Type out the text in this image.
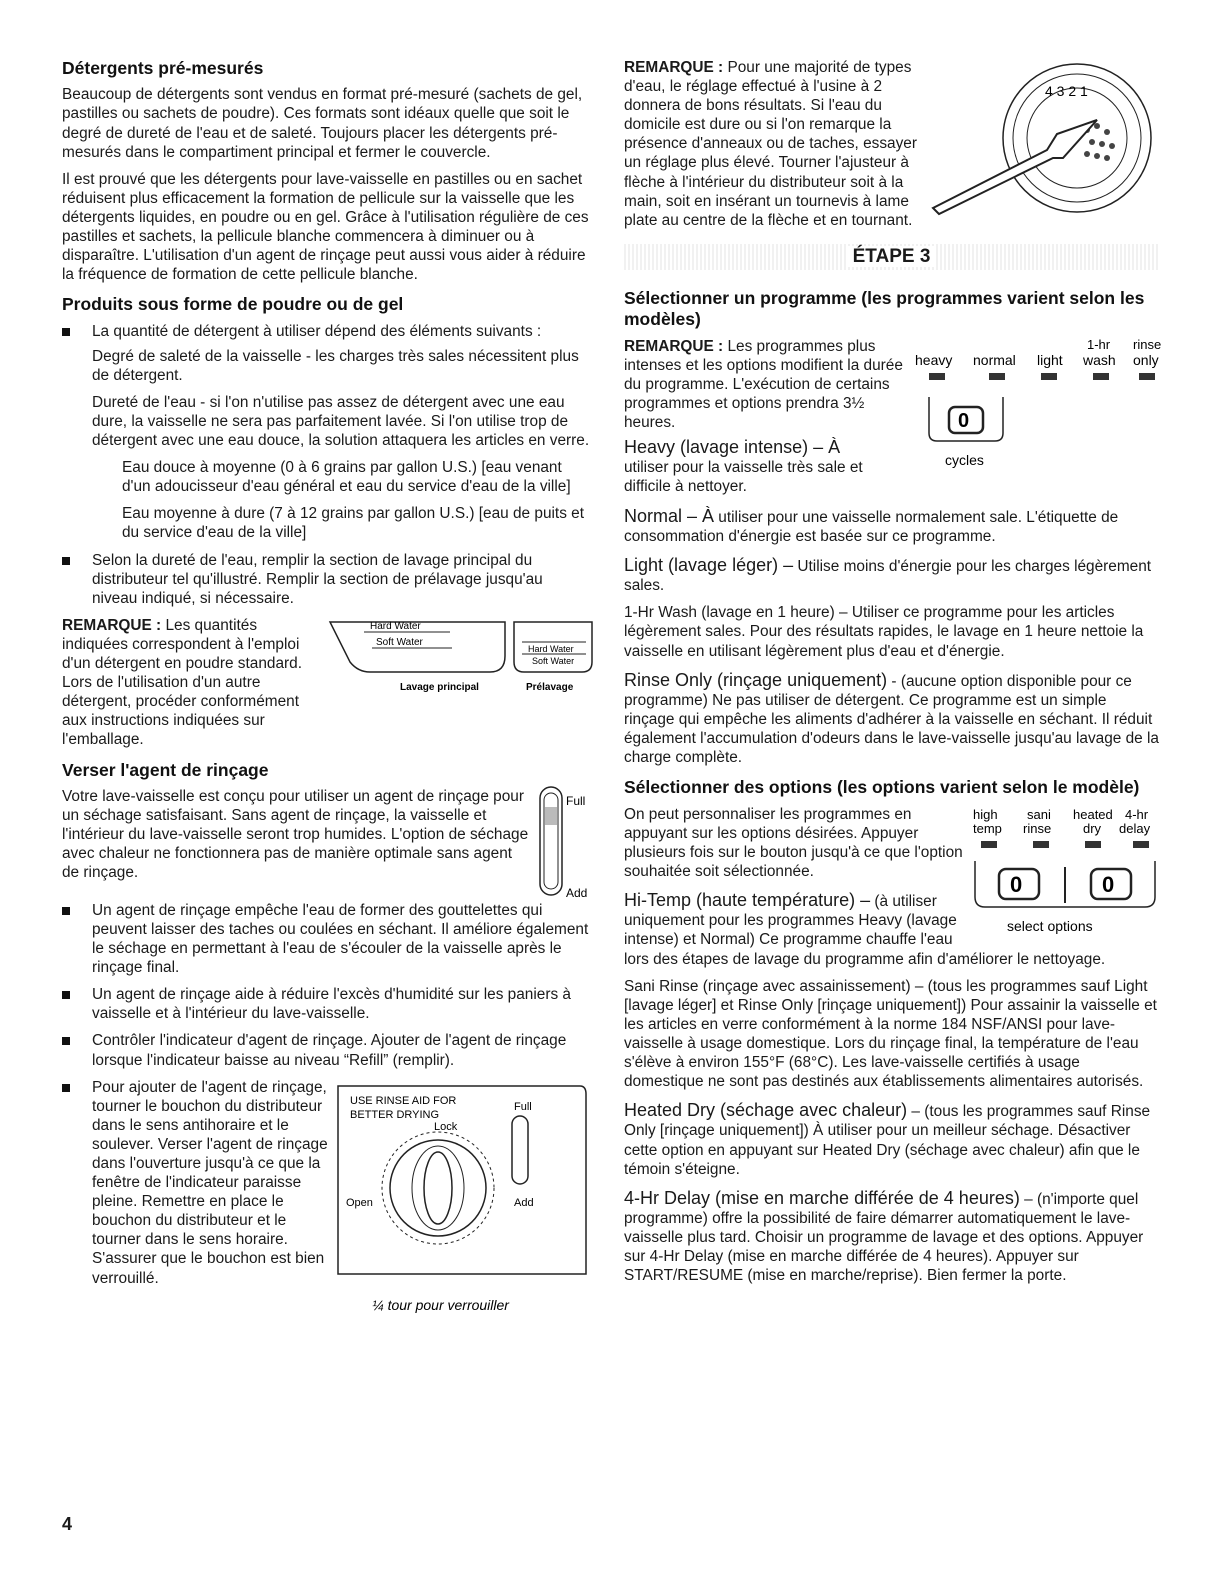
Détergents pré-mesurés

Beaucoup de détergents sont vendus en format pré-mesuré (sachets de gel, pastilles ou sachets de poudre). Ces formats sont idéaux quelle que soit le degré de dureté de l'eau et de saleté. Toujours placer les détergents pré-mesurés dans le compartiment principal et fermer le couvercle.

Il est prouvé que les détergents pour lave-vaisselle en pastilles ou en sachet réduisent plus efficacement la formation de pellicule sur la vaisselle que les détergents liquides, en poudre ou en gel. Grâce à l'utilisation régulière de ces pastilles et sachets, la pellicule blanche commencera à diminuer ou à disparaître. L'utilisation d'un agent de rinçage peut aussi vous aider à réduire la fréquence de formation de cette pellicule blanche.

Produits sous forme de poudre ou de gel
La quantité de détergent à utiliser dépend des éléments suivants :

Degré de saleté de la vaisselle - les charges très sales nécessitent plus de détergent.

Dureté de l'eau - si l'on n'utilise pas assez de détergent avec une eau dure, la vaisselle ne sera pas parfaitement lavée. Si l'on utilise trop de détergent avec une eau douce, la solution attaquera les articles en verre.

Eau douce à moyenne (0 à 6 grains par gallon U.S.) [eau venant d'un adoucisseur d'eau général et eau du service d'eau de la ville]

Eau moyenne à dure (7 à 12 grains par gallon U.S.) [eau de puits et du service d'eau de la ville]

Selon la dureté de l'eau, remplir la section de lavage principal du distributeur tel qu'illustré. Remplir la section de prélavage jusqu'au niveau indiqué, si nécessaire.
Hard Water
Soft Water
Hard Water
Soft Water
Lavage principal	Prélavage

REMARQUE : Les quantités indiquées correspondent à l'emploi d'un détergent en poudre standard. Lors de l'utilisation d'un autre détergent, procéder conformément aux instructions indiquées sur l'emballage.

Verser l'agent de rinçage
Full
Add

Votre lave-vaisselle est conçu pour utiliser un agent de rinçage pour un séchage satisfaisant. Sans agent de rinçage, la vaisselle et l'intérieur du lave-vaisselle seront trop humides. L'option de séchage avec chaleur ne fonctionnera pas de manière optimale sans agent de rinçage.

Un agent de rinçage empêche l'eau de former des gouttelettes qui peuvent laisser des taches ou coulées en séchant. Il améliore également le séchage en permettant à l'eau de s'écouler de la vaisselle après le rinçage final.
Un agent de rinçage aide à réduire l'excès d'humidité sur les paniers à vaisselle et à l'intérieur du lave-vaisselle.
Contrôler l'indicateur d'agent de rinçage. Ajouter de l'agent de rinçage lorsque l'indicateur baisse au niveau “Refill” (remplir).
USE RINSE AID FOR
BETTER DRYING
Lock
Full
Add
Open
¼ tour pour verrouiller
Pour ajouter de l'agent de rinçage, tourner le bouchon du distributeur dans le sens antihoraire et le soulever. Verser l'agent de rinçage dans l'ouverture jusqu'à ce que la fenêtre de l'indicateur paraisse pleine. Remettre en place le bouchon du distributeur et le tourner dans le sens horaire. S'assurer que le bouchon est bien verrouillé.
4 3 2 1

REMARQUE : Pour une majorité de types d'eau, le réglage effectué à l'usine à 2 donnera de bons résultats. Si l'eau du domicile est dure ou si l'on remarque la présence d'anneaux ou de taches, essayer un réglage plus élevé. Tourner l'ajusteur à flèche à l'intérieur du distributeur soit à la main, soit en insérant un tournevis à lame plate au centre de la flèche et en tournant.

ÉTAPE 3
Sélectionner un programme (les programmes varient selon les modèles)
heavy normal light
1-hr
wash
rinse
only
0
cycles

REMARQUE : Les programmes plus intenses et les options modifient la durée du programme. L'exécution de certains programmes et options prendra 3½ heures.

Heavy (lavage intense) – À
utiliser pour la vaisselle très sale et difficile à nettoyer.

Normal – À utiliser pour une vaisselle normalement sale. L'étiquette de consommation d'énergie est basée sur ce programme.

Light (lavage léger) – Utilise moins d'énergie pour les charges légèrement sales.

1-Hr Wash (lavage en 1 heure) – Utiliser ce programme pour les articles légèrement sales. Pour des résultats rapides, le lavage en 1 heure nettoie la vaisselle en utilisant légèrement plus d'eau et d'énergie.

Rinse Only (rinçage uniquement) - (aucune option disponible pour ce programme) Ne pas utiliser de détergent. Ce programme est un simple rinçage qui empêche les aliments d'adhérer à la vaisselle en séchant. Il réduit également l'accumulation d'odeurs dans le lave-vaisselle jusqu'au lavage de la charge complète.

Sélectionner des options (les options varient selon le modèle)
high
temp
sani
rinse
heated
dry
4-hr
delay
0	0
select options

On peut personnaliser les programmes en appuyant sur les options désirées. Appuyer plusieurs fois sur le bouton jusqu'à ce que l'option souhaitée soit sélectionnée.

Hi-Temp (haute température) – (à utiliser uniquement pour les programmes Heavy (lavage intense) et Normal) Ce programme chauffe l'eau lors des étapes de lavage du programme afin d'améliorer le nettoyage.

Sani Rinse (rinçage avec assainissement) – (tous les programmes sauf Light [lavage léger] et Rinse Only [rinçage uniquement]) Pour assainir la vaisselle et les articles en verre conformément à la norme 184 NSF/ANSI pour lave-vaisselle à usage domestique. Lors du rinçage final, la température de l'eau s'élève à environ 155°F (68°C). Les lave-vaisselle certifiés à usage domestique ne sont pas destinés aux établissements alimentaires autorisés.

Heated Dry (séchage avec chaleur) – (tous les programmes sauf Rinse Only [rinçage uniquement]) À utiliser pour un meilleur séchage. Désactiver cette option en appuyant sur Heated Dry (séchage avec chaleur) afin que le témoin s'éteigne.

4-Hr Delay (mise en marche différée de 4 heures) – (n'importe quel programme) offre la possibilité de faire démarrer automatiquement le lave-vaisselle plus tard. Choisir un programme de lavage et des options. Appuyer sur 4-Hr Delay (mise en marche différée de 4 heures). Appuyer sur START/RESUME (mise en marche/reprise). Bien fermer la porte.

4
